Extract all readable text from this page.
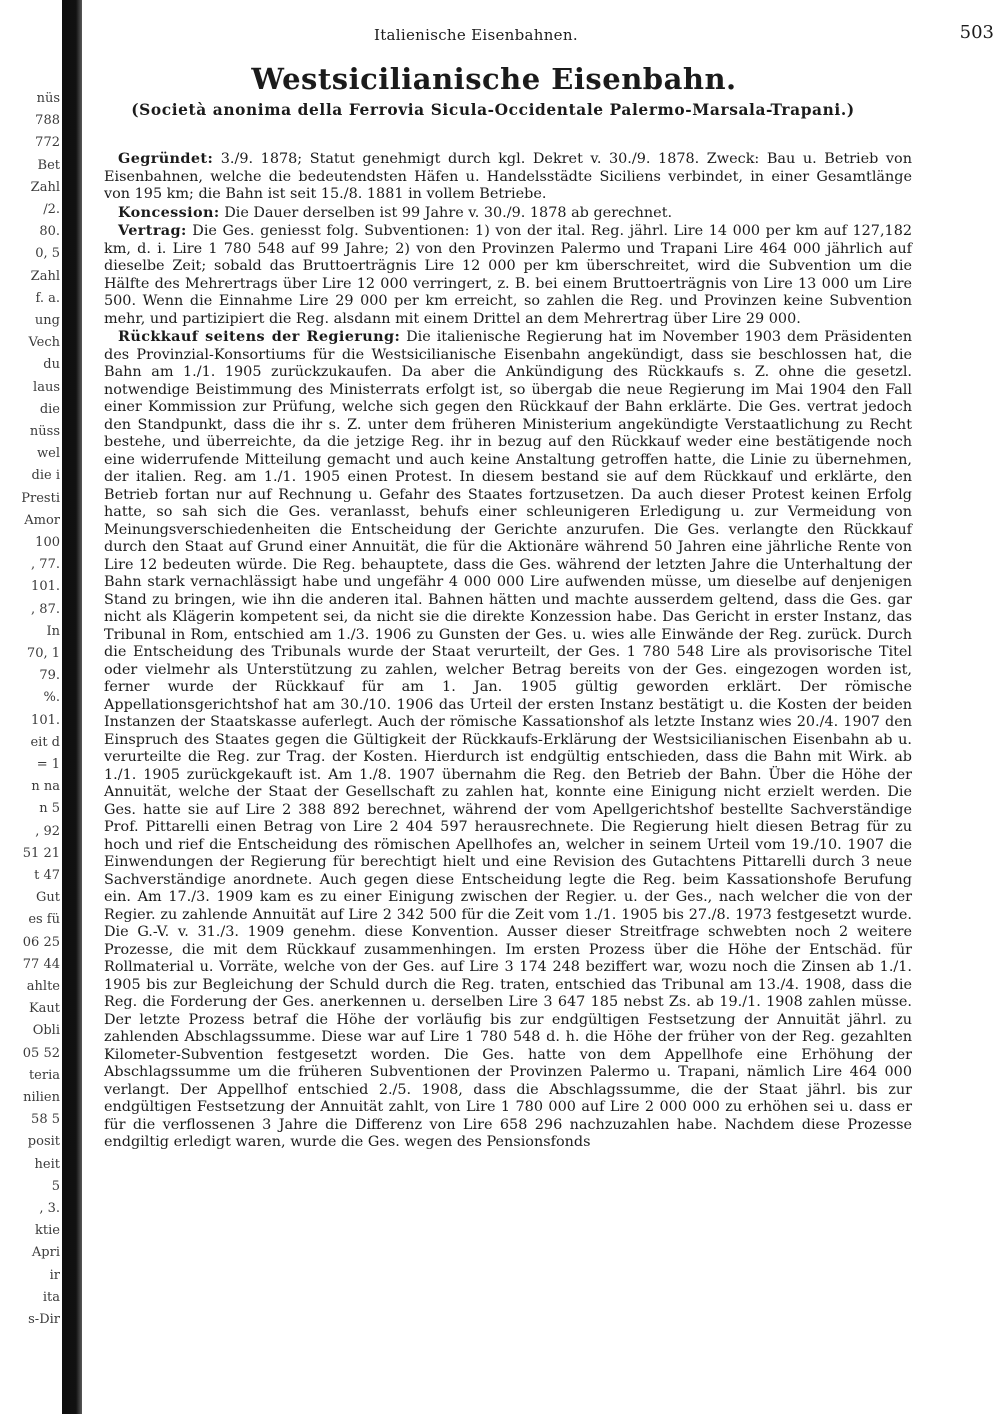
nüs
788
772
Bet
Zahl
/2.
80.
0, 5
Zahl
f. a.
ung
Vech
du
laus
die
nüss
wel
die i
Presti
Amor
100
, 77.
101.
, 87.
In
70, 1
79.
%.
101.
eit d
= 1
n na
n 5
, 92
51 21
t 47
Gut
es fü
06 25
77 44
ahlte
Kaut
Obli
05 52
teria
nilien
58 5
posit
heit
5
, 3.
ktie
Apri
ir
ita
s-Dir
Italienische Eisenbahnen.	503
Westsicilianische Eisenbahn.
(Società anonima della Ferrovia Sicula-Occidentale Palermo-Marsala-Trapani.)

Gegründet: 3./9. 1878; Statut genehmigt durch kgl. Dekret v. 30./9. 1878. Zweck: Bau u. Betrieb von Eisenbahnen, welche die bedeutendsten Häfen u. Handelsstädte Siciliens verbindet, in einer Gesamtlänge von 195 km; die Bahn ist seit 15./8. 1881 in vollem Betriebe.

Koncession: Die Dauer derselben ist 99 Jahre v. 30./9. 1878 ab gerechnet.

Vertrag: Die Ges. geniesst folg. Subventionen: 1) von der ital. Reg. jährl. Lire 14 000 per km auf 127,182 km, d. i. Lire 1 780 548 auf 99 Jahre; 2) von den Provinzen Palermo und Trapani Lire 464 000 jährlich auf dieselbe Zeit; sobald das Bruttoerträgnis Lire 12 000 per km überschreitet, wird die Subvention um die Hälfte des Mehrertrags über Lire 12 000 verringert, z. B. bei einem Bruttoerträgnis von Lire 13 000 um Lire 500. Wenn die Einnahme Lire 29 000 per km erreicht, so zahlen die Reg. und Provinzen keine Subvention mehr, und partizipiert die Reg. alsdann mit einem Drittel an dem Mehrertrag über Lire 29 000.

Rückkauf seitens der Regierung: Die italienische Regierung hat im November 1903 dem Präsidenten des Provinzial-Konsortiums für die Westsicilianische Eisenbahn angekündigt, dass sie beschlossen hat, die Bahn am 1./1. 1905 zurückzukaufen. Da aber die Ankündigung des Rückkaufs s. Z. ohne die gesetzl. notwendige Beistimmung des Ministerrats erfolgt ist, so übergab die neue Regierung im Mai 1904 den Fall einer Kommission zur Prüfung, welche sich gegen den Rückkauf der Bahn erklärte. Die Ges. vertrat jedoch den Standpunkt, dass die ihr s. Z. unter dem früheren Ministerium angekündigte Verstaatlichung zu Recht bestehe, und überreichte, da die jetzige Reg. ihr in bezug auf den Rückkauf weder eine bestätigende noch eine widerrufende Mitteilung gemacht und auch keine Anstaltung getroffen hatte, die Linie zu übernehmen, der italien. Reg. am 1./1. 1905 einen Protest. In diesem bestand sie auf dem Rückkauf und erklärte, den Betrieb fortan nur auf Rechnung u. Gefahr des Staates fortzusetzen. Da auch dieser Protest keinen Erfolg hatte, so sah sich die Ges. veranlasst, behufs einer schleunigeren Erledigung u. zur Vermeidung von Meinungsverschiedenheiten die Entscheidung der Gerichte anzurufen. Die Ges. verlangte den Rückkauf durch den Staat auf Grund einer Annuität, die für die Aktionäre während 50 Jahren eine jährliche Rente von Lire 12 bedeuten würde. Die Reg. behauptete, dass die Ges. während der letzten Jahre die Unterhaltung der Bahn stark vernachlässigt habe und ungefähr 4 000 000 Lire aufwenden müsse, um dieselbe auf denjenigen Stand zu bringen, wie ihn die anderen ital. Bahnen hätten und machte ausserdem geltend, dass die Ges. gar nicht als Klägerin kompetent sei, da nicht sie die direkte Konzession habe. Das Gericht in erster Instanz, das Tribunal in Rom, entschied am 1./3. 1906 zu Gunsten der Ges. u. wies alle Einwände der Reg. zurück. Durch die Entscheidung des Tribunals wurde der Staat verurteilt, der Ges. 1 780 548 Lire als provisorische Titel oder vielmehr als Unterstützung zu zahlen, welcher Betrag bereits von der Ges. eingezogen worden ist, ferner wurde der Rückkauf für am 1. Jan. 1905 gültig geworden erklärt. Der römische Appellationsgerichtshof hat am 30./10. 1906 das Urteil der ersten Instanz bestätigt u. die Kosten der beiden Instanzen der Staatskasse auferlegt. Auch der römische Kassationshof als letzte Instanz wies 20./4. 1907 den Einspruch des Staates gegen die Gültigkeit der Rückkaufs-Erklärung der Westsicilianischen Eisenbahn ab u. verurteilte die Reg. zur Trag. der Kosten. Hierdurch ist endgültig entschieden, dass die Bahn mit Wirk. ab 1./1. 1905 zurückgekauft ist. Am 1./8. 1907 übernahm die Reg. den Betrieb der Bahn. Über die Höhe der Annuität, welche der Staat der Gesellschaft zu zahlen hat, konnte eine Einigung nicht erzielt werden. Die Ges. hatte sie auf Lire 2 388 892 berechnet, während der vom Apellgerichtshof bestellte Sachverständige Prof. Pittarelli einen Betrag von Lire 2 404 597 herausrechnete. Die Regierung hielt diesen Betrag für zu hoch und rief die Entscheidung des römischen Apellhofes an, welcher in seinem Urteil vom 19./10. 1907 die Einwendungen der Regierung für berechtigt hielt und eine Revision des Gutachtens Pittarelli durch 3 neue Sachverständige anordnete. Auch gegen diese Entscheidung legte die Reg. beim Kassationshofe Berufung ein. Am 17./3. 1909 kam es zu einer Einigung zwischen der Regier. u. der Ges., nach welcher die von der Regier. zu zahlende Annuität auf Lire 2 342 500 für die Zeit vom 1./1. 1905 bis 27./8. 1973 festgesetzt wurde. Die G.-V. v. 31./3. 1909 genehm. diese Konvention. Ausser dieser Streitfrage schwebten noch 2 weitere Prozesse, die mit dem Rückkauf zusammenhingen. Im ersten Prozess über die Höhe der Entschäd. für Rollmaterial u. Vorräte, welche von der Ges. auf Lire 3 174 248 beziffert war, wozu noch die Zinsen ab 1./1. 1905 bis zur Begleichung der Schuld durch die Reg. traten, entschied das Tribunal am 13./4. 1908, dass die Reg. die Forderung der Ges. anerkennen u. derselben Lire 3 647 185 nebst Zs. ab 19./1. 1908 zahlen müsse. Der letzte Prozess betraf die Höhe der vorläufig bis zur endgültigen Festsetzung der Annuität jährl. zu zahlenden Abschlagssumme. Diese war auf Lire 1 780 548 d. h. die Höhe der früher von der Reg. gezahlten Kilometer-Subvention festgesetzt worden. Die Ges. hatte von dem Appellhofe eine Erhöhung der Abschlagssumme um die früheren Subventionen der Provinzen Palermo u. Trapani, nämlich Lire 464 000 verlangt. Der Appellhof entschied 2./5. 1908, dass die Abschlagssumme, die der Staat jährl. bis zur endgültigen Festsetzung der Annuität zahlt, von Lire 1 780 000 auf Lire 2 000 000 zu erhöhen sei u. dass er für die verflossenen 3 Jahre die Differenz von Lire 658 296 nachzuzahlen habe. Nachdem diese Prozesse endgiltig erledigt waren, wurde die Ges. wegen des Pensionsfonds
